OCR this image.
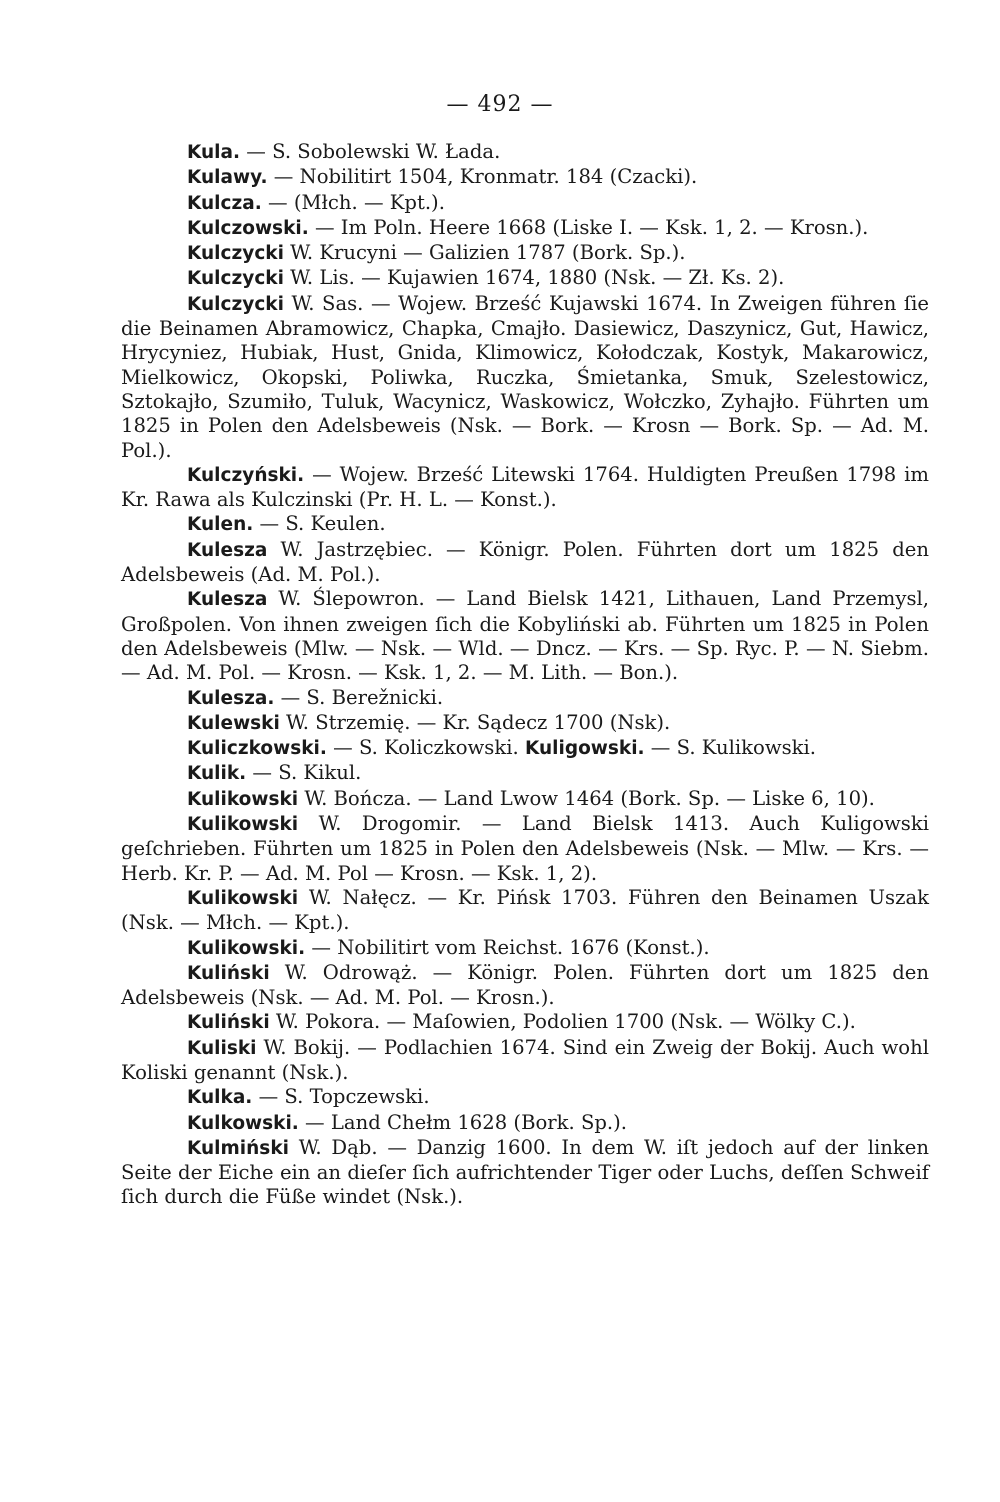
— 492 —

Kula. — S. Sobolewski W. Łada.

Kulawy. — Nobilitirt 1504, Kronmatr. 184 (Czacki).

Kulcza. — (Młch. — Kpt.).

Kulczowski. — Im Poln. Heere 1668 (Liske I. — Ksk. 1, 2. — Krosn.).

Kulczycki W. Krucyni — Galizien 1787 (Bork. Sp.).

Kulczycki W. Lis. — Kujawien 1674, 1880 (Nsk. — Zł. Ks. 2).

Kulczycki W. Sas. — Wojew. Brześć Kujawski 1674. In Zweigen führen ſie die Beinamen Abramowicz, Chapka, Cmajło. Dasiewicz, Daszynicz, Gut, Hawicz, Hrycyniez, Hubiak, Hust, Gnida, Klimowicz, Kołodczak, Kostyk, Makarowicz, Mielkowicz, Okopski, Poliwka, Ruczka, Śmietanka, Smuk, Szelestowicz, Sztokajło, Szumiło, Tuluk, Wacynicz, Waskowicz, Wołczko, Zyhajło. Führten um 1825 in Polen den Adelsbeweis (Nsk. — Bork. — Krosn — Bork. Sp. — Ad. M. Pol.).

Kulczyński. — Wojew. Brześć Litewski 1764. Huldigten Preußen 1798 im Kr. Rawa als Kulczinski (Pr. H. L. — Konst.).

Kulen. — S. Keulen.

Kulesza W. Jastrzębiec. — Königr. Polen. Führten dort um 1825 den Adelsbeweis (Ad. M. Pol.).

Kulesza W. Ślepowron. — Land Bielsk 1421, Lithauen, Land Przemysl, Großpolen. Von ihnen zweigen ſich die Kobyliński ab. Führten um 1825 in Polen den Adelsbeweis (Mlw. — Nsk. — Wld. — Dncz. — Krs. — Sp. Ryc. P. — N. Siebm. — Ad. M. Pol. — Krosn. — Ksk. 1, 2. — M. Lith. — Bon.).

Kulesza. — S. Berežnicki.

Kulewski W. Strzemię. — Kr. Sądecz 1700 (Nsk).

Kuliczkowski. — S. Koliczkowski. Kuligowski. — S. Kulikowski.

Kulik. — S. Kikul.

Kulikowski W. Bończa. — Land Lwow 1464 (Bork. Sp. — Liske 6, 10).

Kulikowski W. Drogomir. — Land Bielsk 1413. Auch Kuligowski geſchrieben. Führten um 1825 in Polen den Adelsbeweis (Nsk. — Mlw. — Krs. — Herb. Kr. P. — Ad. M. Pol — Krosn. — Ksk. 1, 2).

Kulikowski W. Nałęcz. — Kr. Pińsk 1703. Führen den Beinamen Uszak (Nsk. — Młch. — Kpt.).

Kulikowski. — Nobilitirt vom Reichst. 1676 (Konst.).

Kuliński W. Odrowąż. — Königr. Polen. Führten dort um 1825 den Adelsbeweis (Nsk. — Ad. M. Pol. — Krosn.).

Kuliński W. Pokora. — Maſowien, Podolien 1700 (Nsk. — Wölky C.).

Kuliski W. Bokij. — Podlachien 1674. Sind ein Zweig der Bokij. Auch wohl Koliski genannt (Nsk.).

Kulka. — S. Topczewski.

Kulkowski. — Land Chełm 1628 (Bork. Sp.).

Kulmiński W. Dąb. — Danzig 1600. In dem W. iſt jedoch auf der linken Seite der Eiche ein an dieſer ſich aufrichtender Tiger oder Luchs, deſſen Schweif ſich durch die Füße windet (Nsk.).
